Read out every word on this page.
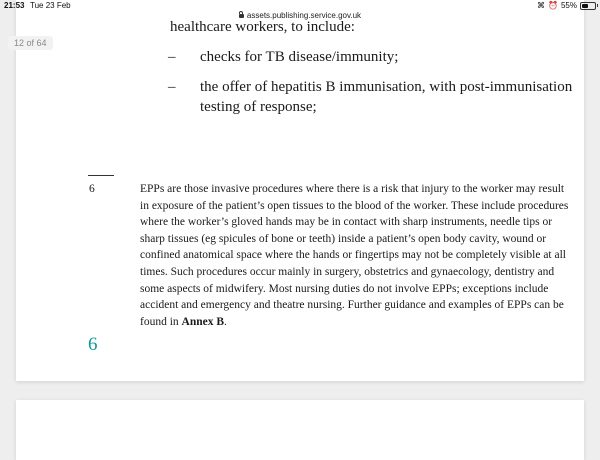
healthcare workers, to include:
– checks for TB disease/immunity;
– the offer of hepatitis B immunisation, with post-immunisation testing of response;
6	EPPs are those invasive procedures where there is a risk that injury to the worker may result in exposure of the patient’s open tissues to the blood of the worker. These include procedures where the worker’s gloved hands may be in contact with sharp instruments, needle tips or sharp tissues (eg spicules of bone or teeth) inside a patient’s open body cavity, wound or confined anatomical space where the hands or fingertips may not be completely visible at all times. Such procedures occur mainly in surgery, obstetrics and gynaecology, dentistry and some aspects of midwifery. Most nursing duties do not involve EPPs; exceptions include accident and emergency and theatre nursing. Further guidance and examples of EPPs can be found in Annex B.
6
12 of 64
21:53 Tue 23 Feb	⌘ ⏰ 55%
assets.publishing.service.gov.uk
